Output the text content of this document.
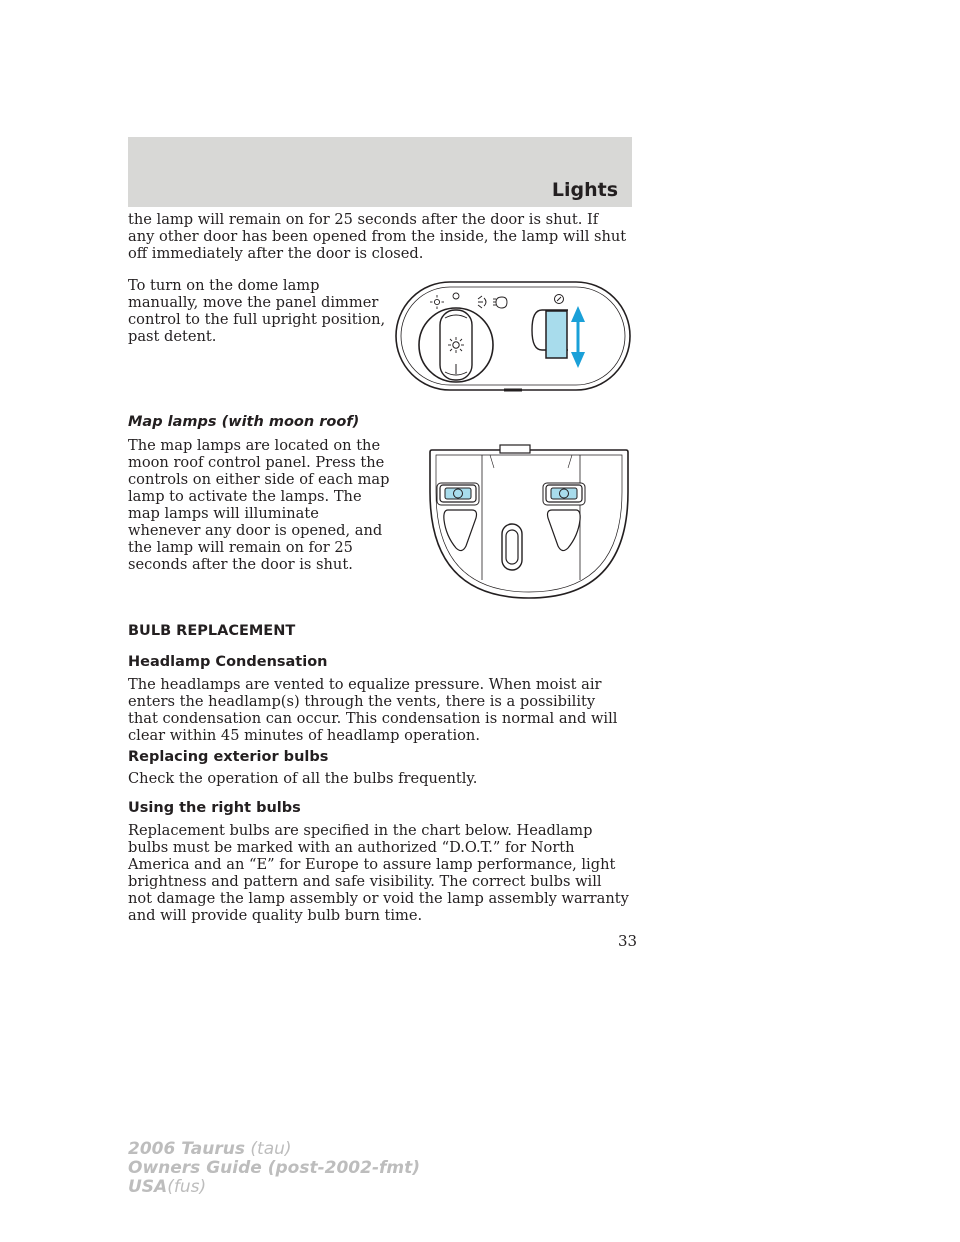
Lights

the lamp will remain on for 25 seconds after the door is shut. If any other door has been opened from the inside, the lamp will shut off immediately after the door is closed.

To turn on the dome lamp manually, move the panel dimmer control to the full upright position, past detent.

Map lamps (with moon roof)

The map lamps are located on the moon roof control panel. Press the controls on either side of each map lamp to activate the lamps. The map lamps will illuminate whenever any door is opened, and the lamp will remain on for 25 seconds after the door is shut.

BULB REPLACEMENT
Headlamp Condensation

The headlamps are vented to equalize pressure. When moist air enters the headlamp(s) through the vents, there is a possibility that condensation can occur. This condensation is normal and will clear within 45 minutes of headlamp operation.

Replacing exterior bulbs

Check the operation of all the bulbs frequently.

Using the right bulbs

Replacement bulbs are specified in the chart below. Headlamp bulbs must be marked with an authorized “D.O.T.” for North America and an “E” for Europe to assure lamp performance, light brightness and pattern and safe visibility. The correct bulbs will not damage the lamp assembly or void the lamp assembly warranty and will provide quality bulb burn time.

33
2006 Taurus (tau)
Owners Guide (post-2002-fmt)
USA(fus)
